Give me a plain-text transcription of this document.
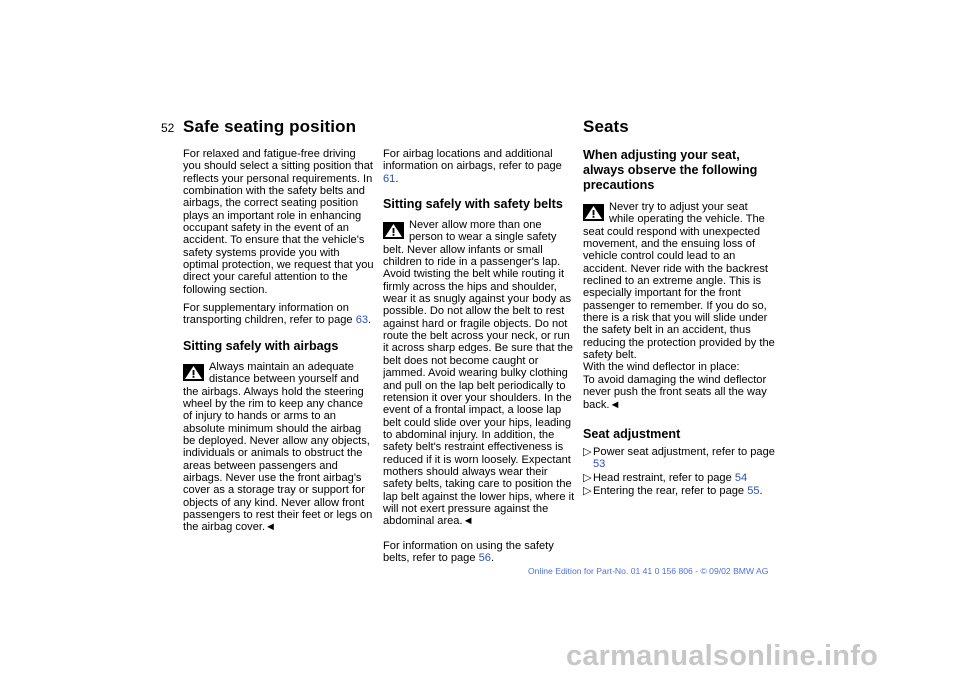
52 Safe seating position

For relaxed and fatigue-free driving you should select a sitting position that reflects your personal requirements. In combination with the safety belts and airbags, the correct seating position plays an important role in enhancing occupant safety in the event of an accident. To ensure that the vehicle's safety systems provide you with optimal protection, we request that you direct your careful attention to the following section.

For supplementary information on transporting children, refer to page 63.

Sitting safely with airbags

Always maintain an adequate distance between yourself and the airbags. Always hold the steering wheel by the rim to keep any chance of injury to hands or arms to an absolute minimum should the airbag be deployed. Never allow any objects, individuals or animals to obstruct the areas between passengers and airbags. Never use the front airbag's cover as a storage tray or support for objects of any kind. Never allow front passengers to rest their feet or legs on the airbag cover.◄

For airbag locations and additional information on airbags, refer to page 61.

Sitting safely with safety belts

Never allow more than one person to wear a single safety belt. Never allow infants or small children to ride in a passenger's lap. Avoid twisting the belt while routing it firmly across the hips and shoulder, wear it as snugly against your body as possible. Do not allow the belt to rest against hard or fragile objects. Do not route the belt across your neck, or run it across sharp edges. Be sure that the belt does not become caught or jammed. Avoid wearing bulky clothing and pull on the lap belt periodically to retension it over your shoulders. In the event of a frontal impact, a loose lap belt could slide over your hips, leading to abdominal injury. In addition, the safety belt's restraint effectiveness is reduced if it is worn loosely. Expectant mothers should always wear their safety belts, taking care to position the lap belt against the lower hips, where it will not exert pressure against the abdominal area.◄

For information on using the safety belts, refer to page 56.

Seats
When adjusting your seat, always observe the following precautions

Never try to adjust your seat while operating the vehicle. The seat could respond with unexpected movement, and the ensuing loss of vehicle control could lead to an accident. Never ride with the backrest reclined to an extreme angle. This is especially important for the front passenger to remember. If you do so, there is a risk that you will slide under the safety belt in an accident, thus reducing the protection provided by the safety belt.

With the wind deflector in place:
To avoid damaging the wind deflector never push the front seats all the way back.◄
Seat adjustment
▷ Power seat adjustment, refer to page 53
▷ Head restraint, refer to page 54
▷ Entering the rear, refer to page 55.
Online Edition for Part-No. 01 41 0 156 806 - © 09/02 BMW AG
carmanualsonline.info
